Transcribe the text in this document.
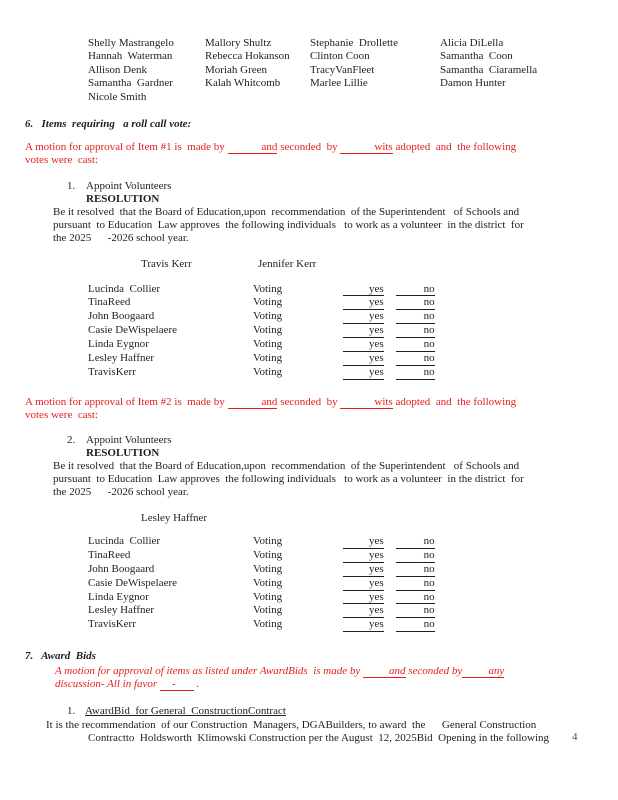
Shelly Mastrangelo	Mallory Shultz	Stephanie  Drollette	Alicia DiLella
Hannah  Waterman	Rebecca Hokanson	Clinton Coon	Samantha  Coon
Allison Denk	Moriah Green	TracyVanFleet	Samantha  Ciaramella
Samantha  Gardner	Kalah Whitcomb	Marlee Lillie	Damon Hunter
Nicole Smith
6.   Items  requiring   a roll call vote:
A motion for approval of Item #1 is  made by	and seconded  by	wits adopted  and  the following
votes were  cast:
1. Appoint Volunteers
RESOLUTION
Be it resolved  that the Board of Education,upon  recommendation  of the Superintendent   of Schools and
pursuant  to Education  Law approves  the following individuals   to work as a volunteer  in the district  for
the 2025      -2026 school year.
Travis Kerr	Jennifer Kerr
Lucinda  Collier	Voting	yes	no
TinaReed	Voting	yes	no
John Boogaard	Voting	yes	no
Casie DeWispelaere	Voting	yes	no
Linda Eygnor	Voting	yes	no
Lesley Haffner	Voting	yes	no
TravisKerr	Voting	yes	no
A motion for approval of Item #2 is  made by	and seconded  by	wits adopted  and  the following
votes were  cast:
2. Appoint Volunteers
RESOLUTION
Be it resolved  that the Board of Education,upon  recommendation  of the Superintendent   of Schools and
pursuant  to Education  Law approves  the following individuals   to work as a volunteer  in the district  for
the 2025      -2026 school year.
Lesley Haffner
Lucinda  Collier	Voting	yes	no
TinaReed	Voting	yes	no
John Boogaard	Voting	yes	no
Casie DeWispelaere	Voting	yes	no
Linda Eygnor	Voting	yes	no
Lesley Haffner	Voting	yes	no
TravisKerr	Voting	yes	no
7.   Award  Bids
A motion for approval of items as listed under AwardBids  is made by and seconded by any
discussion- All in favor - .
1. AwardBid  for General  ConstructionContract
It is the recommendation  of our Construction  Managers, DGABuilders, to award  the      General Construction
Contractto  Holdsworth  Klimowski Construction per the August  12, 2025Bid  Opening in the following	4
